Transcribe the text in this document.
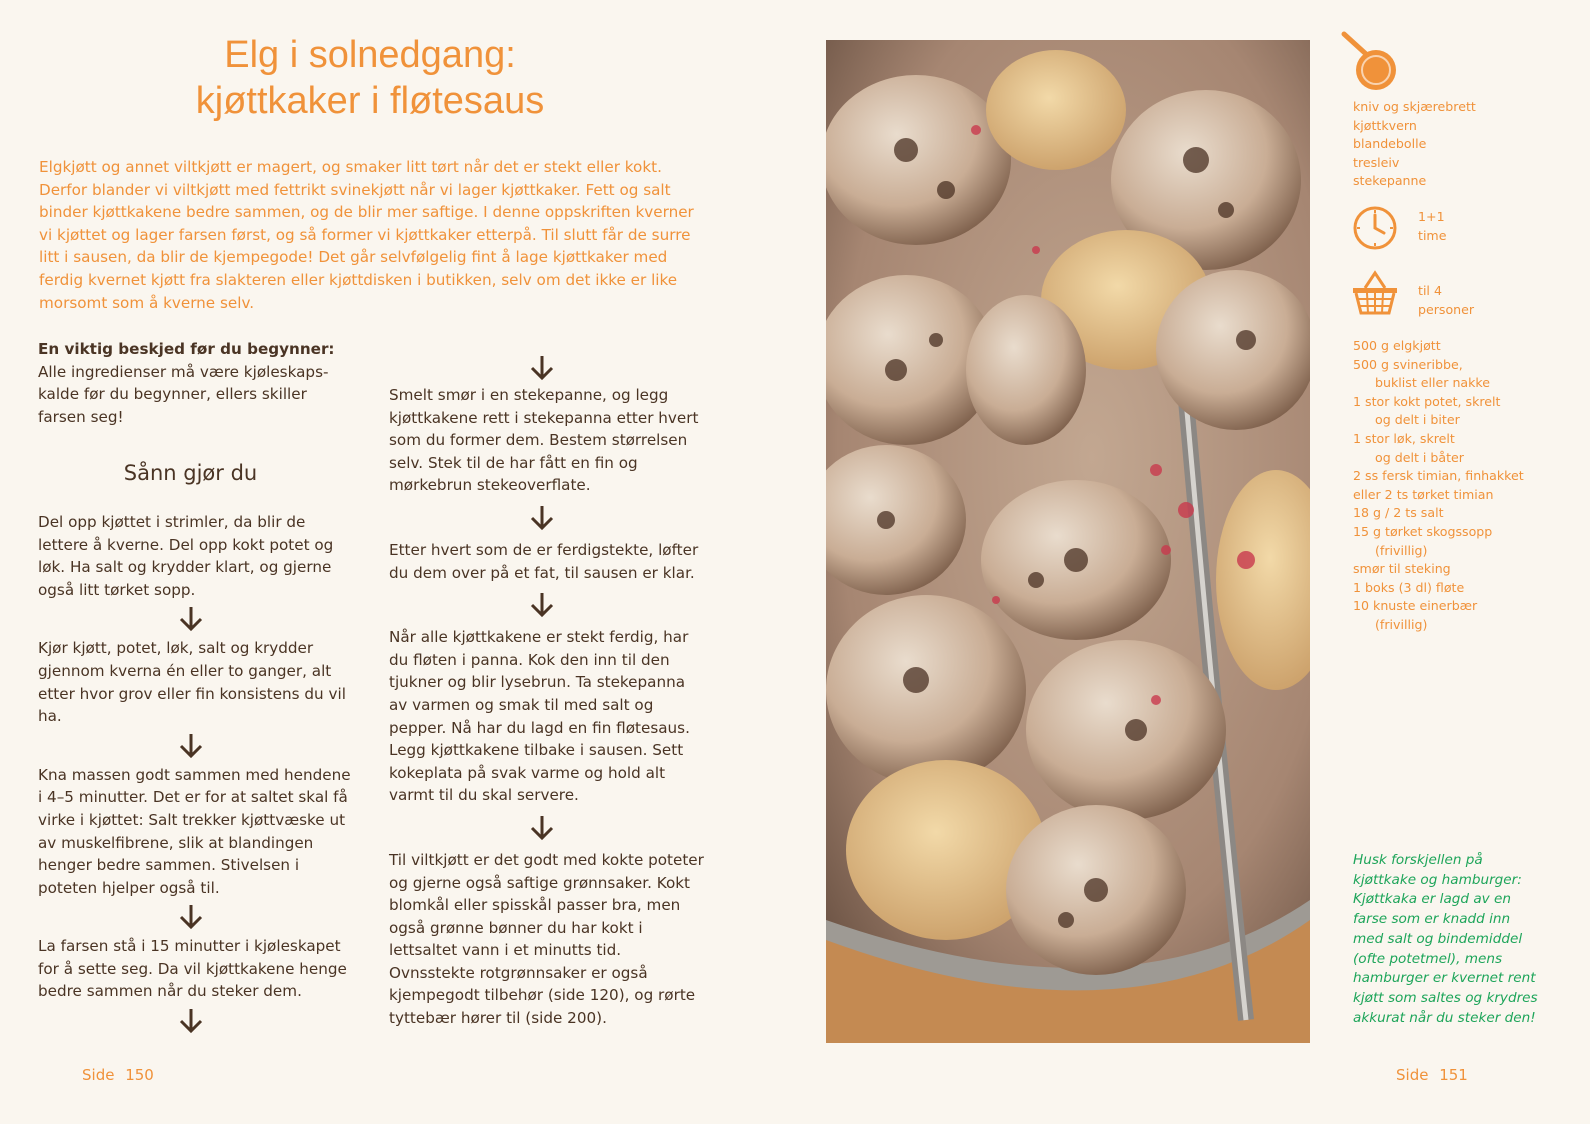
Elg i solnedgang:
kjøttkaker i fløtesaus

Elgkjøtt og annet viltkjøtt er magert, og smaker litt tørt når det er stekt eller kokt. Derfor blander vi viltkjøtt med fettrikt svinekjøtt når vi lager kjøttkaker. Fett og salt binder kjøttkakene bedre sammen, og de blir mer saftige. I denne oppskriften kverner vi kjøttet og lager farsen først, og så former vi kjøttkaker etterpå. Til slutt får de surre litt i sausen, da blir de kjempegode! Det går selvfølgelig fint å lage kjøttkaker med ferdig kvernet kjøtt fra slakteren eller kjøttdisken i butikken, selv om det ikke er like morsomt som å kverne selv.

En viktig beskjed før du begynner:

Alle ingredienser må være kjøleskaps-kalde før du begynner, ellers skiller farsen seg!

Sånn gjør du

Del opp kjøttet i strimler, da blir de lettere å kverne. Del opp kokt potet og løk. Ha salt og krydder klart, og gjerne også litt tørket sopp.

Kjør kjøtt, potet, løk, salt og krydder gjennom kverna én eller to ganger, alt etter hvor grov eller fin konsistens du vil ha.

Kna massen godt sammen med hendene i 4–5 minutter. Det er for at saltet skal få virke i kjøttet: Salt trekker kjøttvæske ut av muskelfibrene, slik at blandingen henger bedre sammen. Stivelsen i poteten hjelper også til.

La farsen stå i 15 minutter i kjøleskapet for å sette seg. Da vil kjøttkakene henge bedre sammen når du steker dem.

Smelt smør i en stekepanne, og legg kjøttkakene rett i stekepanna etter hvert som du former dem. Bestem størrelsen selv. Stek til de har fått en fin og mørkebrun stekeoverflate.

Etter hvert som de er ferdigstekte, løfter du dem over på et fat, til sausen er klar.

Når alle kjøttkakene er stekt ferdig, har du fløten i panna. Kok den inn til den tjukner og blir lysebrun. Ta stekepanna av varmen og smak til med salt og pepper. Nå har du lagd en fin fløtesaus. Legg kjøttkakene tilbake i sausen. Sett kokeplata på svak varme og hold alt varmt til du skal servere.

Til viltkjøtt er det godt med kokte poteter og gjerne også saftige grønnsaker. Kokt blomkål eller spisskål passer bra, men også grønne bønner du har kokt i lettsaltet vann i et minutts tid. Ovnsstekte rotgrønnsaker er også kjempegodt tilbehør (side 120), og rørte tyttebær hører til (side 200).

Side 150
kniv og skjærebrett
kjøttkvern
blandebolle
tresleiv
stekepanne
1+1
time
til 4
personer
500 g elgkjøtt
500 g svineribbe,
buklist eller nakke
1 stor kokt potet, skrelt
og delt i biter
1 stor løk, skrelt
og delt i båter
2 ss fersk timian, finhakket
eller 2 ts tørket timian
18 g / 2 ts salt
15 g tørket skogssopp
(frivillig)
smør til steking
1 boks (3 dl) fløte
10 knuste einerbær
(frivillig)

Husk forskjellen på kjøttkake og hamburger: Kjøttkaka er lagd av en farse som er knadd inn med salt og bindemiddel (ofte potetmel), mens hamburger er kvernet rent kjøtt som saltes og krydres akkurat når du steker den!

Side 151
